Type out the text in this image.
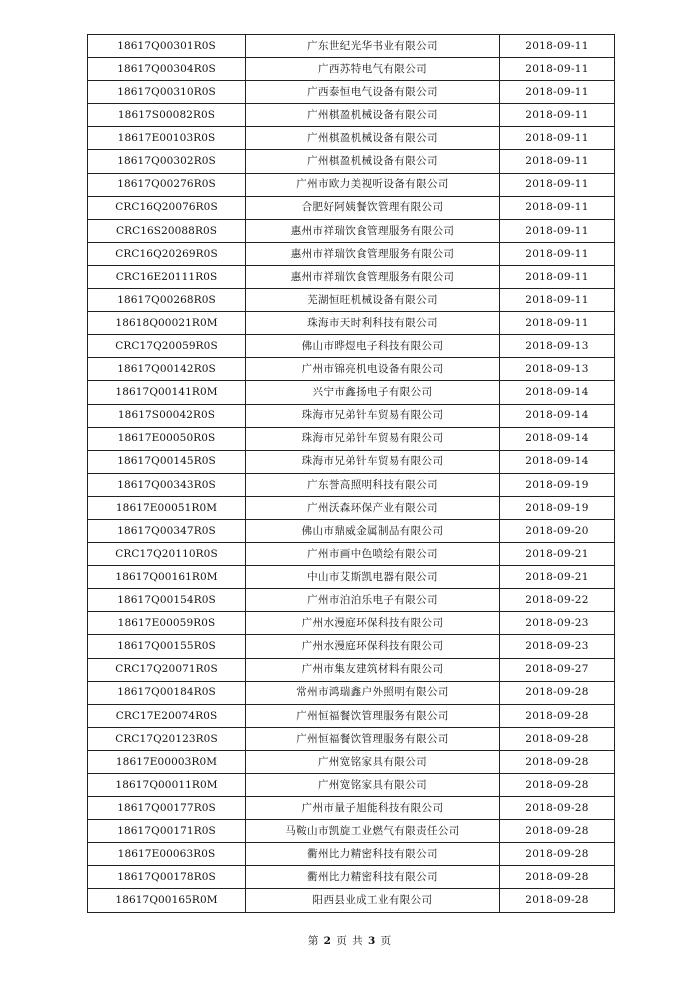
18617Q00301R0S	广东世纪光华书业有限公司	2018-09-11
18617Q00304R0S	广西苏特电气有限公司	2018-09-11
18617Q00310R0S	广西泰恒电气设备有限公司	2018-09-11
18617S00082R0S	广州棋盈机械设备有限公司	2018-09-11
18617E00103R0S	广州棋盈机械设备有限公司	2018-09-11
18617Q00302R0S	广州棋盈机械设备有限公司	2018-09-11
18617Q00276R0S	广州市欧力美视听设备有限公司	2018-09-11
CRC16Q20076R0S	合肥好阿姨餐饮管理有限公司	2018-09-11
CRC16S20088R0S	惠州市祥瑞饮食管理服务有限公司	2018-09-11
CRC16Q20269R0S	惠州市祥瑞饮食管理服务有限公司	2018-09-11
CRC16E20111R0S	惠州市祥瑞饮食管理服务有限公司	2018-09-11
18617Q00268R0S	芜湖恒旺机械设备有限公司	2018-09-11
18618Q00021R0M	珠海市天时利科技有限公司	2018-09-11
CRC17Q20059R0S	佛山市晔煜电子科技有限公司	2018-09-13
18617Q00142R0S	广州市锦亮机电设备有限公司	2018-09-13
18617Q00141R0M	兴宁市鑫扬电子有限公司	2018-09-14
18617S00042R0S	珠海市兄弟针车贸易有限公司	2018-09-14
18617E00050R0S	珠海市兄弟针车贸易有限公司	2018-09-14
18617Q00145R0S	珠海市兄弟针车贸易有限公司	2018-09-14
18617Q00343R0S	广东誉高照明科技有限公司	2018-09-19
18617E00051R0M	广州沃森环保产业有限公司	2018-09-19
18617Q00347R0S	佛山市鼎威金属制品有限公司	2018-09-20
CRC17Q20110R0S	广州市画中色喷绘有限公司	2018-09-21
18617Q00161R0M	中山市艾斯凯电器有限公司	2018-09-21
18617Q00154R0S	广州市泊泊乐电子有限公司	2018-09-22
18617E00059R0S	广州水漫庭环保科技有限公司	2018-09-23
18617Q00155R0S	广州水漫庭环保科技有限公司	2018-09-23
CRC17Q20071R0S	广州市集友建筑材料有限公司	2018-09-27
18617Q00184R0S	常州市鸿瑞鑫户外照明有限公司	2018-09-28
CRC17E20074R0S	广州恒福餐饮管理服务有限公司	2018-09-28
CRC17Q20123R0S	广州恒福餐饮管理服务有限公司	2018-09-28
18617E00003R0M	广州宽铭家具有限公司	2018-09-28
18617Q00011R0M	广州宽铭家具有限公司	2018-09-28
18617Q00177R0S	广州市量子旭能科技有限公司	2018-09-28
18617Q00171R0S	马鞍山市凯旋工业燃气有限责任公司	2018-09-28
18617E00063R0S	衢州比力精密科技有限公司	2018-09-28
18617Q00178R0S	衢州比力精密科技有限公司	2018-09-28
18617Q00165R0M	阳西县业成工业有限公司	2018-09-28
第 2 页 共 3 页
